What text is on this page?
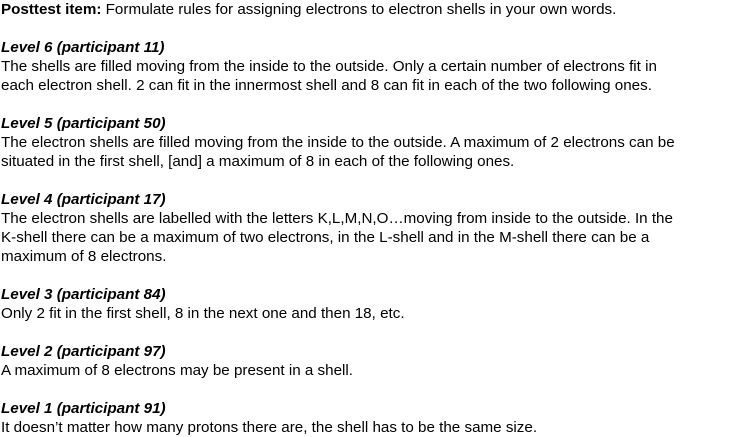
Posttest item: Formulate rules for assigning electrons to electron shells in your own words.
Level 6 (participant 11)
The shells are filled moving from the inside to the outside. Only a certain number of electrons fit in
each electron shell. 2 can fit in the innermost shell and 8 can fit in each of the two following ones.
Level 5 (participant 50)
The electron shells are filled moving from the inside to the outside. A maximum of 2 electrons can be
situated in the first shell, [and] a maximum of 8 in each of the following ones.
Level 4 (participant 17)
The electron shells are labelled with the letters K,L,M,N,O…moving from inside to the outside. In the
K-shell there can be a maximum of two electrons, in the L-shell and in the M-shell there can be a
maximum of 8 electrons.
Level 3 (participant 84)
Only 2 fit in the first shell, 8 in the next one and then 18, etc.
Level 2 (participant 97)
A maximum of 8 electrons may be present in a shell.
Level 1 (participant 91)
It doesn’t matter how many protons there are, the shell has to be the same size.
